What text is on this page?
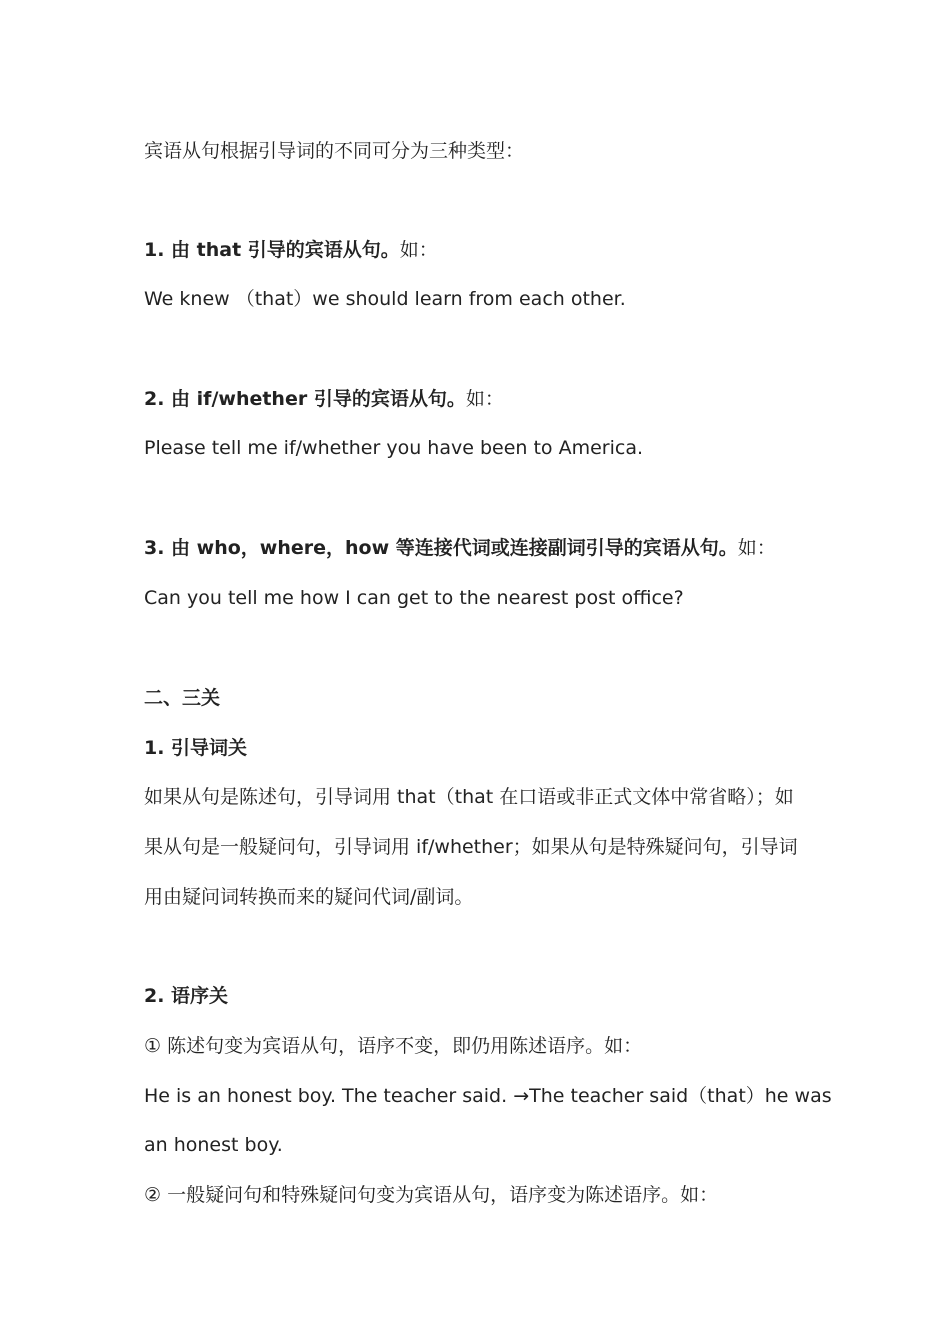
宾语从句根据引导词的不同可分为三种类型：
1. 由 that 引导的宾语从句。如：
We knew （that）we should learn from each other.
2. 由 if/whether 引导的宾语从句。如：
Please tell me if/whether you have been to America.
3. 由 who，where，how 等连接代词或连接副词引导的宾语从句。如：
Can you tell me how I can get to the nearest post office?
二、三关
1. 引导词关
如果从句是陈述句，引导词用 that（that 在口语或非正式文体中常省略）；如
果从句是一般疑问句，引导词用 if/whether；如果从句是特殊疑问句，引导词
用由疑问词转换而来的疑问代词/副词。
2. 语序关
① 陈述句变为宾语从句，语序不变，即仍用陈述语序。如：
He is an honest boy. The teacher said. →The teacher said（that）he was
an honest boy.
② 一般疑问句和特殊疑问句变为宾语从句，语序变为陈述语序。如：
